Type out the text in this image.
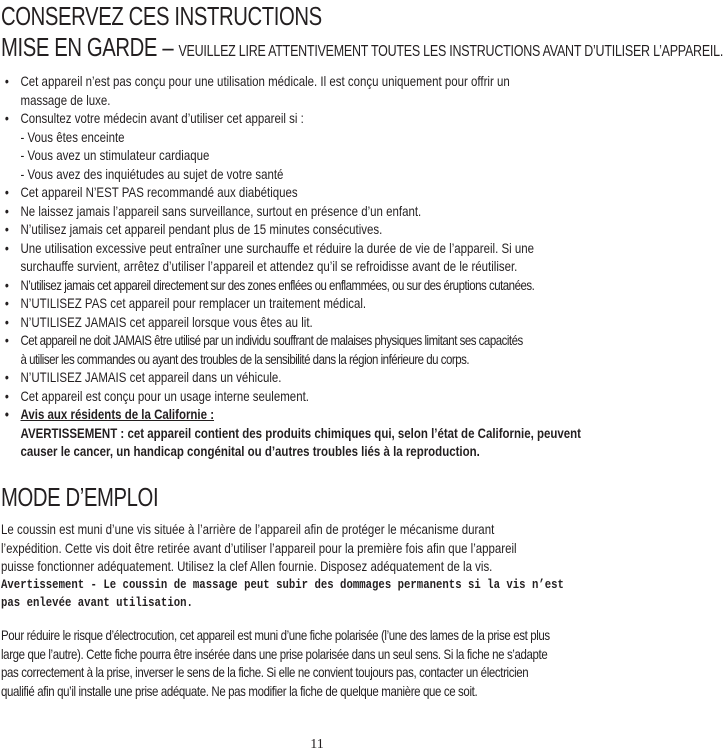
CONSERVEZ CES INSTRUCTIONS
MISE EN GARDE – VEUILLEZ LIRE ATTENTIVEMENT TOUTES LES INSTRUCTIONS AVANT D’UTILISER L’APPAREIL.
• Cet appareil n’est pas conçu pour une utilisation médicale. Il est conçu uniquement pour offrir un
massage de luxe.
• Consultez votre médecin avant d’utiliser cet appareil si :
- Vous êtes enceinte
- Vous avez un stimulateur cardiaque
- Vous avez des inquiétudes au sujet de votre santé
• Cet appareil N’EST PAS recommandé aux diabétiques
• Ne laissez jamais l’appareil sans surveillance, surtout en présence d’un enfant.
• N’utilisez jamais cet appareil pendant plus de 15 minutes consécutives.
• Une utilisation excessive peut entraîner une surchauffe et réduire la durée de vie de l’appareil. Si une
surchauffe survient, arrêtez d’utiliser l’appareil et attendez qu’il se refroidisse avant de le réutiliser.
• N’utilisez jamais cet appareil directement sur des zones enflées ou enflammées, ou sur des éruptions cutanées.
• N’UTILISEZ PAS cet appareil pour remplacer un traitement médical.
• N’UTILISEZ JAMAIS cet appareil lorsque vous êtes au lit.
• Cet appareil ne doit JAMAIS être utilisé par un individu souffrant de malaises physiques limitant ses capacités
à utiliser les commandes ou ayant des troubles de la sensibilité dans la région inférieure du corps.
• N’UTILISEZ JAMAIS cet appareil dans un véhicule.
• Cet appareil est conçu pour un usage interne seulement.
• Avis aux résidents de la Californie :
AVERTISSEMENT : cet appareil contient des produits chimiques qui, selon l’état de Californie, peuvent
causer le cancer, un handicap congénital ou d’autres troubles liés à la reproduction.
MODE D’EMPLOI
Le coussin est muni d’une vis située à l’arrière de l’appareil afin de protéger le mécanisme durant
l’expédition. Cette vis doit être retirée avant d’utiliser l’appareil pour la première fois afin que l’appareil
puisse fonctionner adéquatement. Utilisez la clef Allen fournie. Disposez adéquatement de la vis.
Avertissement - Le coussin de massage peut subir des dommages permanents si la vis n’est
pas enlevée avant utilisation.
Pour réduire le risque d’électrocution, cet appareil est muni d’une fiche polarisée (l’une des lames de la prise est plus
large que l’autre). Cette fiche pourra être insérée dans une prise polarisée dans un seul sens. Si la fiche ne s’adapte
pas correctement à la prise, inverser le sens de la fiche. Si elle ne convient toujours pas, contacter un électricien
qualifié afin qu’il installe une prise adéquate. Ne pas modifier la fiche de quelque manière que ce soit.
11
